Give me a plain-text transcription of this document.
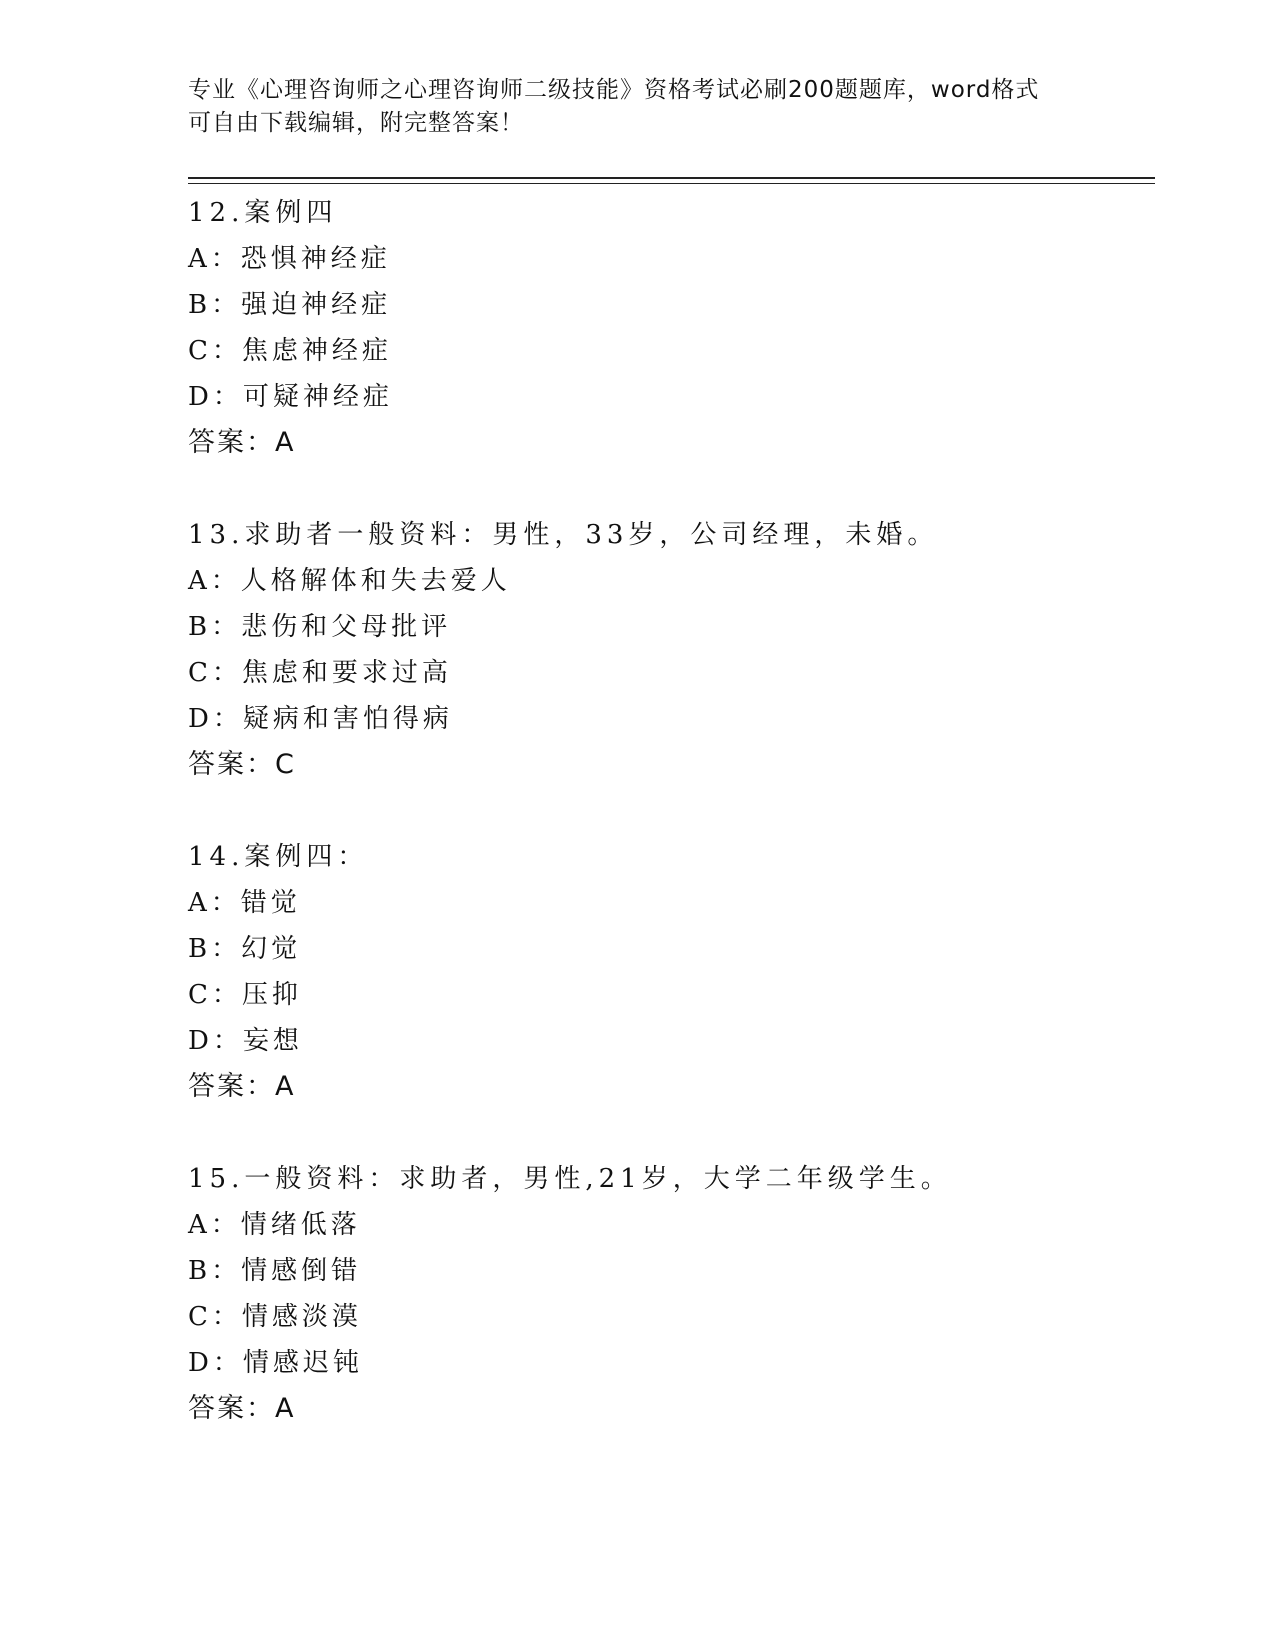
专业《心理咨询师之心理咨询师二级技能》资格考试必刷200题题库，word格式
可自由下载编辑，附完整答案！
12.案例四
A：恐惧神经症
B：强迫神经症
C：焦虑神经症
D：可疑神经症
答案：A
13.求助者一般资料：男性，33岁，公司经理，未婚。
A：人格解体和失去爱人
B：悲伤和父母批评
C：焦虑和要求过高
D：疑病和害怕得病
答案：C
14.案例四：
A：错觉
B：幻觉
C：压抑
D：妄想
答案：A
15.一般资料：求助者，男性,21岁，大学二年级学生。
A：情绪低落
B：情感倒错
C：情感淡漠
D：情感迟钝
答案：A
